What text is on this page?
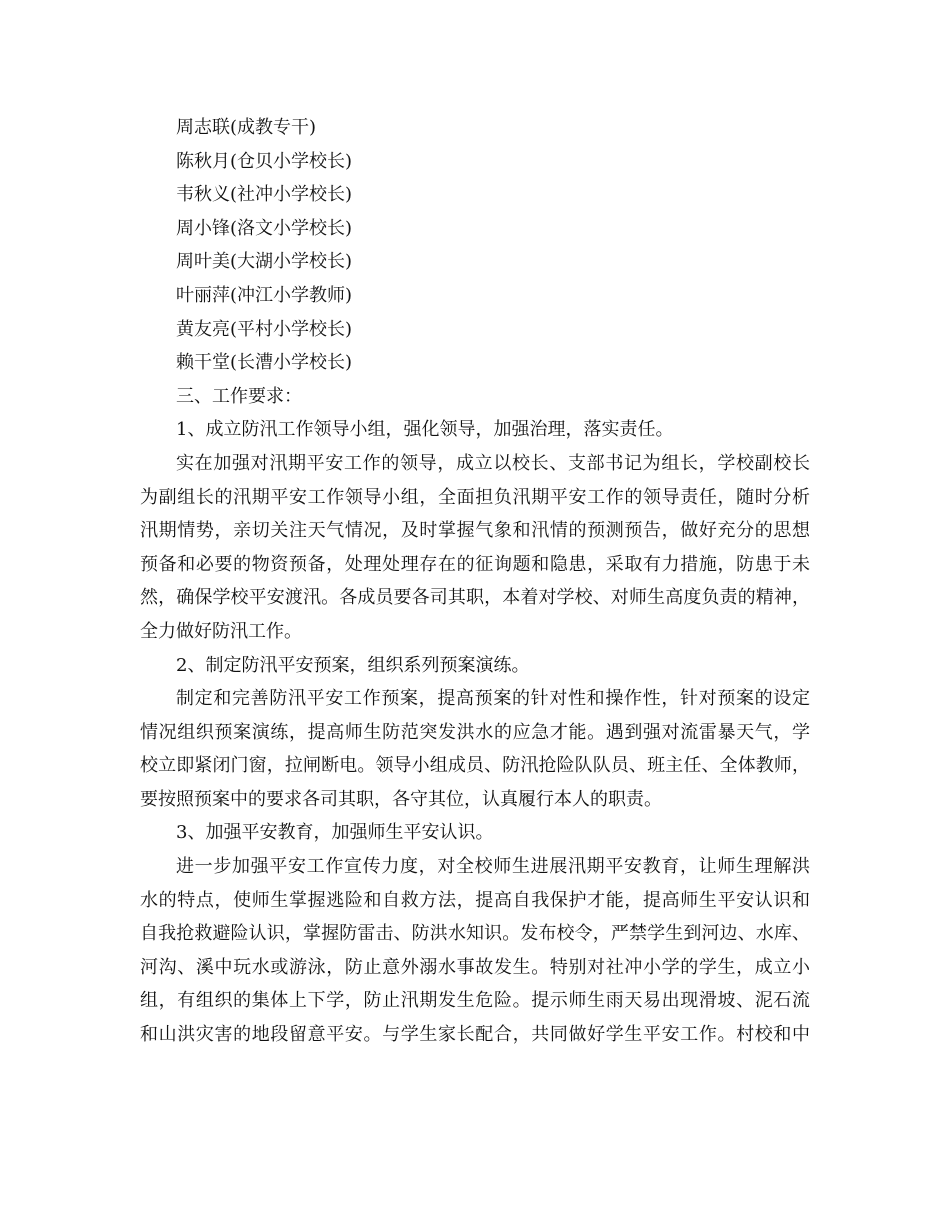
周志联(成教专干)
陈秋月(仓贝小学校长)
韦秋义(社冲小学校长)
周小锋(洛文小学校长)
周叶美(大湖小学校长)
叶丽萍(冲江小学教师)
黄友亮(平村小学校长)
赖干堂(长漕小学校长)
三、工作要求：
1、成立防汛工作领导小组，强化领导，加强治理，落实责任。
实在加强对汛期平安工作的领导，成立以校长、支部书记为组长，学校副校长
为副组长的汛期平安工作领导小组，全面担负汛期平安工作的领导责任，随时分析
汛期情势，亲切关注天气情况，及时掌握气象和汛情的预测预告，做好充分的思想
预备和必要的物资预备，处理处理存在的征询题和隐患，采取有力措施，防患于未
然，确保学校平安渡汛。各成员要各司其职，本着对学校、对师生高度负责的精神，
全力做好防汛工作。
2、制定防汛平安预案，组织系列预案演练。
制定和完善防汛平安工作预案，提高预案的针对性和操作性，针对预案的设定
情况组织预案演练，提高师生防范突发洪水的应急才能。遇到强对流雷暴天气，学
校立即紧闭门窗，拉闸断电。领导小组成员、防汛抢险队队员、班主任、全体教师，
要按照预案中的要求各司其职，各守其位，认真履行本人的职责。
3、加强平安教育，加强师生平安认识。
进一步加强平安工作宣传力度，对全校师生进展汛期平安教育，让师生理解洪
水的特点，使师生掌握逃险和自救方法，提高自我保护才能，提高师生平安认识和
自我抢救避险认识，掌握防雷击、防洪水知识。发布校令，严禁学生到河边、水库、
河沟、溪中玩水或游泳，防止意外溺水事故发生。特别对社冲小学的学生，成立小
组，有组织的集体上下学，防止汛期发生危险。提示师生雨天易出现滑坡、泥石流
和山洪灾害的地段留意平安。与学生家长配合，共同做好学生平安工作。村校和中
